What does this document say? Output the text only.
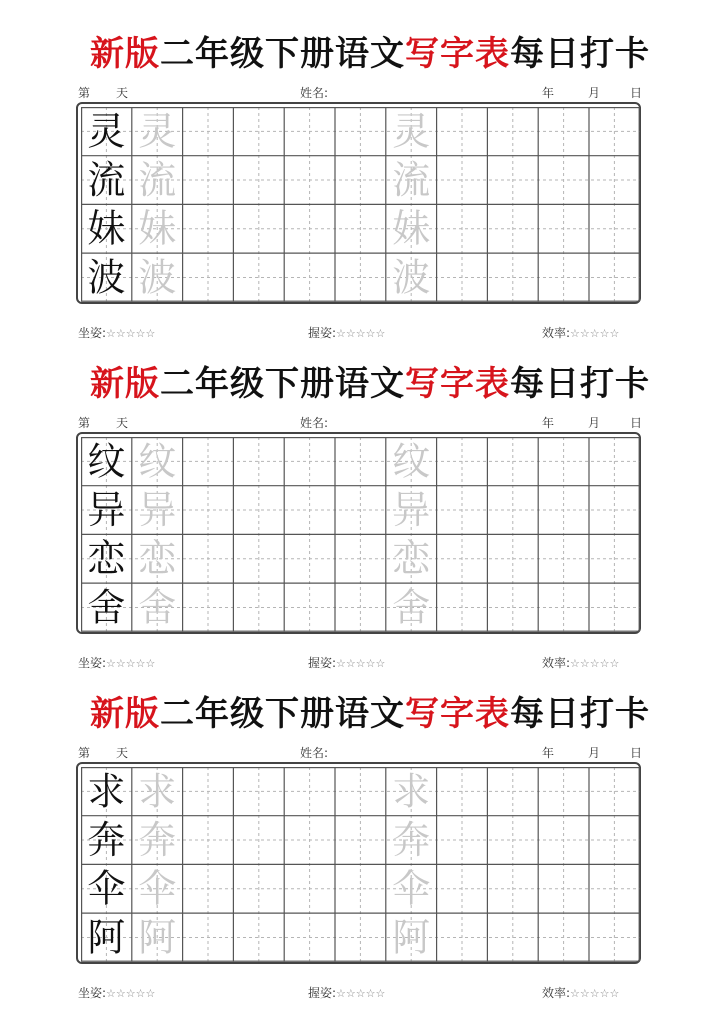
新版二年级下册语文写字表每日打卡
第 天	姓名:	年	月 日
灵 灵	灵
流 流	流
妹 妹	妹
波 波	波
坐姿:☆☆☆☆☆	握姿:☆☆☆☆☆	效率:☆☆☆☆☆
新版二年级下册语文写字表每日打卡
第 天	姓名:	年	月 日
纹 纹	纹
异 异	异
恋 恋	恋
舍 舍	舍
坐姿:☆☆☆☆☆	握姿:☆☆☆☆☆	效率:☆☆☆☆☆
新版二年级下册语文写字表每日打卡
第 天	姓名:	年	月 日
求 求	求
奔 奔	奔
伞 伞	伞
阿 阿	阿
坐姿:☆☆☆☆☆	握姿:☆☆☆☆☆	效率:☆☆☆☆☆
